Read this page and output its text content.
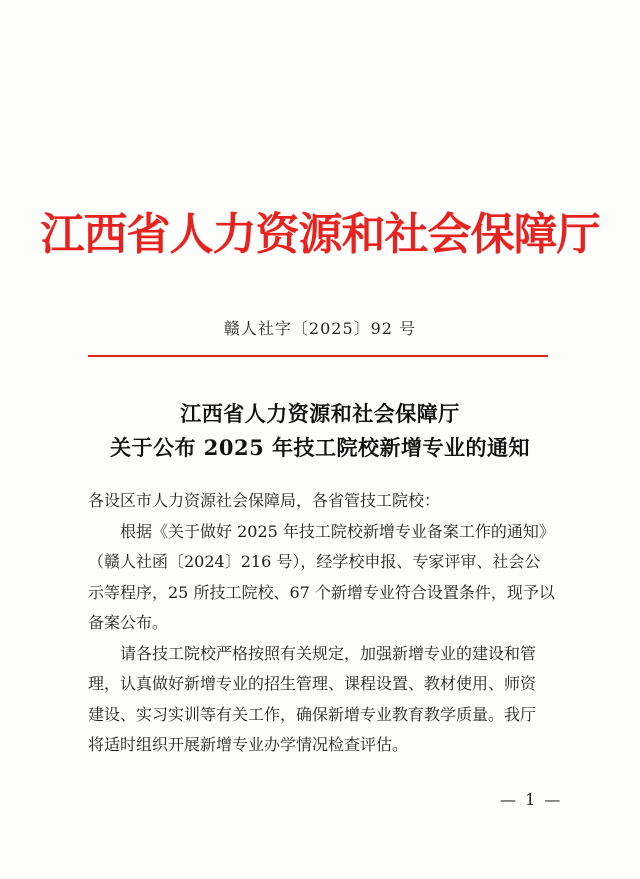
江西省人力资源和社会保障厅
赣人社字〔2025〕92 号
江西省人力资源和社会保障厅
关于公布 2025 年技工院校新增专业的通知
各设区市人力资源社会保障局，各省管技工院校：
根据《关于做好 2025 年技工院校新增专业备案工作的通知》
（赣人社函〔2024〕216 号），经学校申报、专家评审、社会公
示等程序，25 所技工院校、67 个新增专业符合设置条件，现予以
备案公布。
请各技工院校严格按照有关规定，加强新增专业的建设和管
理，认真做好新增专业的招生管理、课程设置、教材使用、师资
建设、实习实训等有关工作，确保新增专业教育教学质量。我厅
将适时组织开展新增专业办学情况检查评估。
— 1 —
